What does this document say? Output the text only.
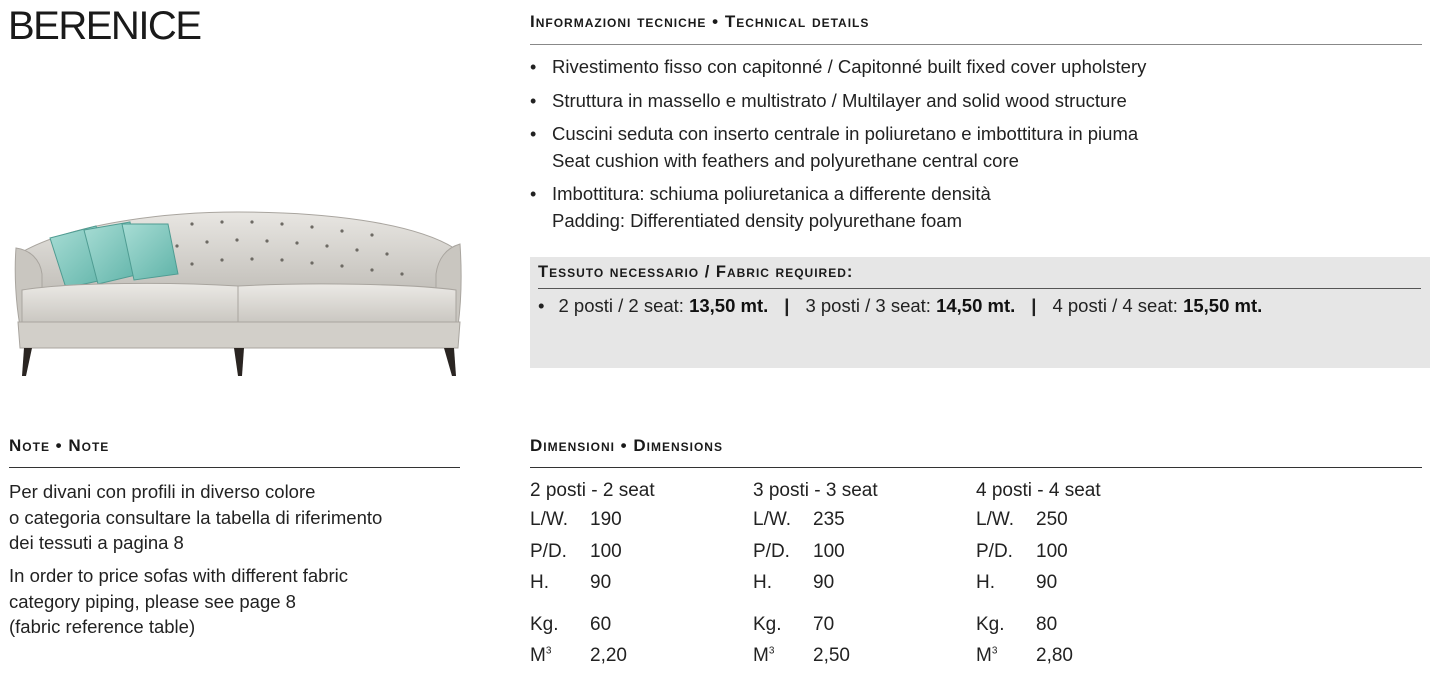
BERENICE	Informazioni tecniche • Technical details
• Rivestimento fisso con capitonné / Capitonné built fixed cover upholstery
• Struttura in massello e multistrato / Multilayer and solid wood structure
• Cuscini seduta con inserto centrale in poliuretano e imbottitura in piuma
Seat cushion with feathers and polyurethane central core
• Imbottitura: schiuma poliuretanica a differente densità
Padding: Differentiated density polyurethane foam
Tessuto necessario / Fabric required:
• 2 posti / 2 seat: 13,50 mt. | 3 posti / 3 seat: 14,50 mt. | 4 posti / 4 seat: 15,50 mt.
Note • Note

Per divani con profili in diverso colore

o categoria consultare la tabella di riferimento

dei tessuti a pagina 8

In order to price sofas with different fabric

category piping, please see page 8

(fabric reference table)

Dimensioni • Dimensions
2 posti - 2 seat
L/W. 190
P/D. 100
H. 90
Kg. 60
$M^3$ 2,20
3 posti - 3 seat
L/W. 235
P/D. 100
H. 90
Kg. 70
$M^3$ 2,50
4 posti - 4 seat
L/W. 250
P/D. 100
H. 90
Kg. 80
$M^3$ 2,80
